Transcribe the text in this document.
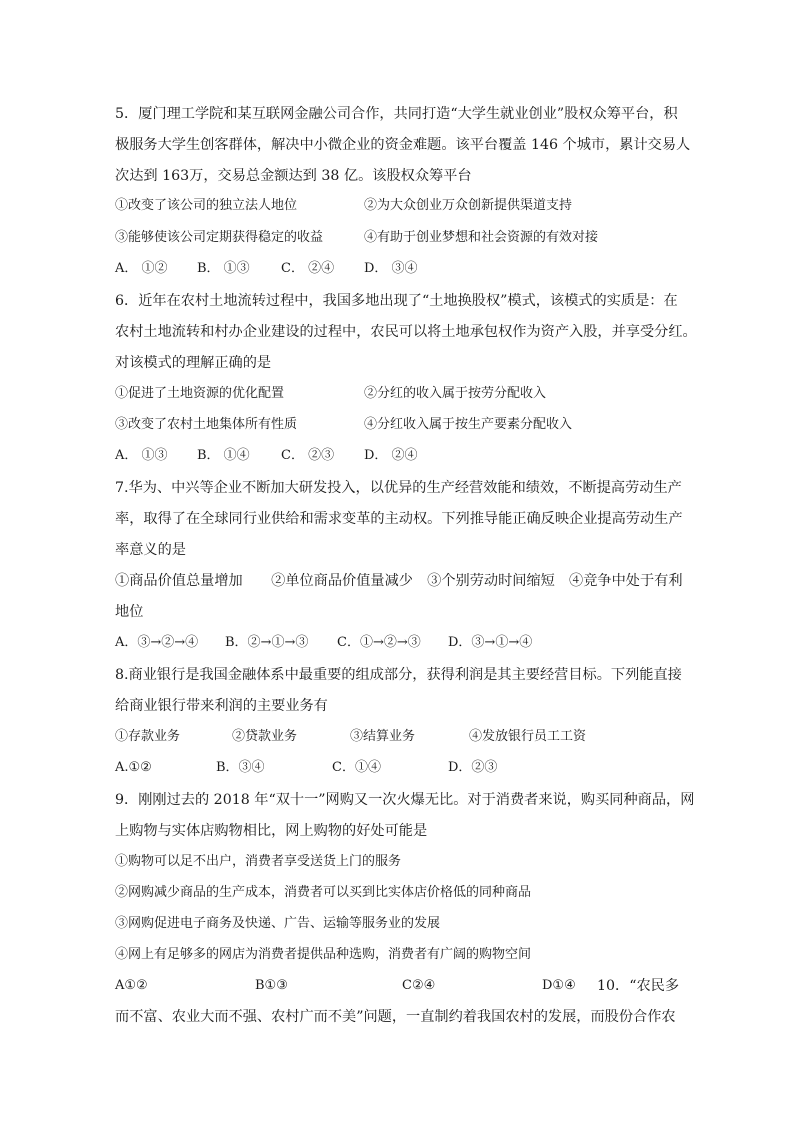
5．厦门理工学院和某互联网金融公司合作，共同打造“大学生就业创业”股权众筹平台，积
极服务大学生创客群体，解决中小微企业的资金难题。该平台覆盖 146 个城市，累计交易人
次达到 163万，交易总金额达到 38 亿。该股权众筹平台
①改变了该公司的独立法人地位	②为大众创业万众创新提供渠道支持
③能够使该公司定期获得稳定的收益	④有助于创业梦想和社会资源的有效对接
A． ①② B． ①③ C． ②④ D． ③④
6．近年在农村土地流转过程中，我国多地出现了“土地换股权”模式，该模式的实质是：在
农村土地流转和村办企业建设的过程中，农民可以将土地承包权作为资产入股，并享受分红。
对该模式的理解正确的是
①促进了土地资源的优化配置	②分红的收入属于按劳分配收入
③改变了农村土地集体所有性质	④分红收入属于按生产要素分配收入
A． ①③ B． ①④ C． ②③ D． ②④
7.华为、中兴等企业不断加大研发投入，以优异的生产经营效能和绩效，不断提高劳动生产
率，取得了在全球同行业供给和需求变革的主动权。下列推导能正确反映企业提高劳动生产
率意义的是
①商品价值总量增加　　②单位商品价值量减少　③个别劳动时间缩短　④竞争中处于有利
地位
A．③→②→④ B．②→①→③ C．①→②→③ D．③→①→④
8.商业银行是我国金融体系中最重要的组成部分，获得利润是其主要经营目标。下列能直接
给商业银行带来利润的主要业务有
①存款业务	②贷款业务	③结算业务	④发放银行员工工资
A.①②	B．③④	C．①④	D．②③
9．刚刚过去的 2018 年“双十一”网购又一次火爆无比。对于消费者来说，购买同种商品，网
上购物与实体店购物相比，网上购物的好处可能是
①购物可以足不出户，消费者享受送货上门的服务
②网购减少商品的生产成本，消费者可以买到比实体店价格低的同种商品
③网购促进电子商务及快递、广告、运输等服务业的发展
④网上有足够多的网店为消费者提供品种选购，消费者有广阔的购物空间
A①②	B①③	C②④	D①④ 10．“农民多
而不富、农业大而不强、农村广而不美”问题，一直制约着我国农村的发展，而股份合作农
